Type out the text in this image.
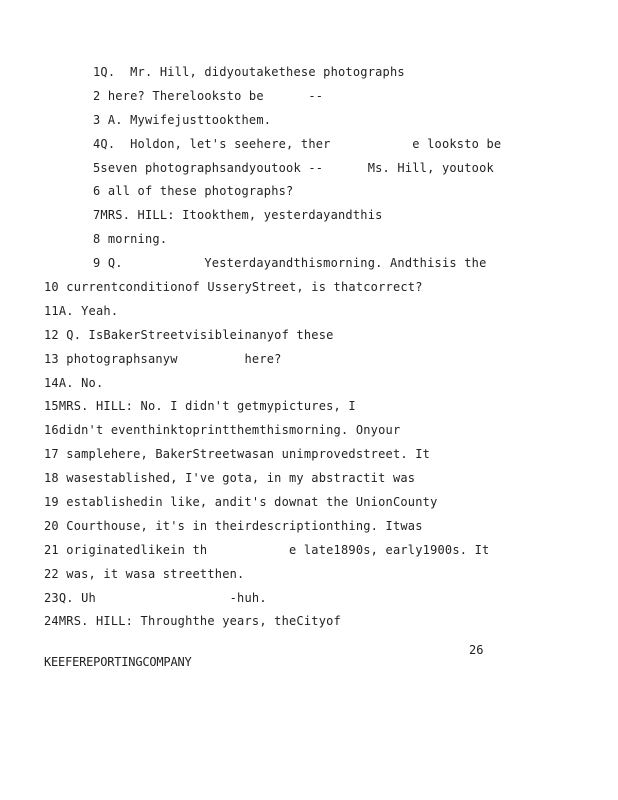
1Q.  Mr. Hill, didyoutakethese photographs
2 here? Therelooksto be      --
3 A. Mywifejusttookthem.
4Q.  Holdon, let's seehere, ther           e looksto be
5seven photographsandyoutook --      Ms. Hill, youtook
6 all of these photographs?
7MRS. HILL: Itookthem, yesterdayandthis
8 morning.
9 Q.           Yesterdayandthismorning. Andthisis the
10 currentconditionof UsseryStreet, is thatcorrect?
11A. Yeah.
12 Q. IsBakerStreetvisibleinanyof these
13 photographsanyw         here?
14A. No.
15MRS. HILL: No. I didn't getmypictures, I
16didn't eventhinktoprintthemthismorning. Onyour
17 samplehere, BakerStreetwasan unimprovedstreet. It
18 wasestablished, I've gota, in my abstractit was
19 establishedin like, andit's downat the UnionCounty
20 Courthouse, it's in theirdescriptionthing. Itwas
21 originatedlikein th           e late1890s, early1900s. It
22 was, it wasa streetthen.
23Q. Uh                  -huh.
24MRS. HILL: Throughthe years, theCityof
26
KEEFEREPORTINGCOMPANY
